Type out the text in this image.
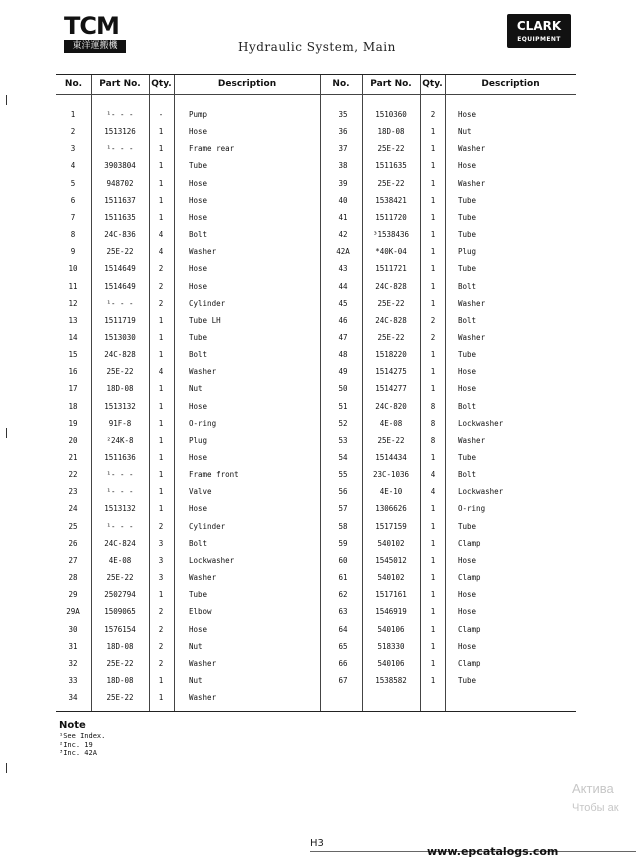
TCM
東洋運搬機	Hydraulic System, Main
CLARK
EQUIPMENT
No.	Part No.	Qty.	Description	No.	Part No.	Qty.	Description
1	¹- - -	-	Pump
2	1513126	1	Hose
3	¹- - -	1	Frame rear
4	3903804	1	Tube
5	948702	1	Hose
6	1511637	1	Hose
7	1511635	1	Hose
8	24C-836	4	Bolt
9	25E-22	4	Washer
10	1514649	2	Hose
11	1514649	2	Hose
12	¹- - -	2	Cylinder
13	1511719	1	Tube LH
14	1513030	1	Tube
15	24C-828	1	Bolt
16	25E-22	4	Washer
17	18D-08	1	Nut
18	1513132	1	Hose
19	91F-8	1	O-ring
20	²24K-8	1	Plug
21	1511636	1	Hose
22	¹- - -	1	Frame front
23	¹- - -	1	Valve
24	1513132	1	Hose
25	¹- - -	2	Cylinder
26	24C-824	3	Bolt
27	4E-08	3	Lockwasher
28	25E-22	3	Washer
29	2502794	1	Tube
29A	1509065	2	Elbow
30	1576154	2	Hose
31	18D-08	2	Nut
32	25E-22	2	Washer
33	18D-08	1	Nut
34	25E-22	1	Washer
35	1510360	2	Hose
36	18D-08	1	Nut
37	25E-22	1	Washer
38	1511635	1	Hose
39	25E-22	1	Washer
40	1538421	1	Tube
41	1511720	1	Tube
42	³1538436	1	Tube
42A	*40K-04	1	Plug
43	1511721	1	Tube
44	24C-828	1	Bolt
45	25E-22	1	Washer
46	24C-828	2	Bolt
47	25E-22	2	Washer
48	1518220	1	Tube
49	1514275	1	Hose
50	1514277	1	Hose
51	24C-820	8	Bolt
52	4E-08	8	Lockwasher
53	25E-22	8	Washer
54	1514434	1	Tube
55	23C-1036	4	Bolt
56	4E-10	4	Lockwasher
57	1306626	1	O-ring
58	1517159	1	Tube
59	540102	1	Clamp
60	1545012	1	Hose
61	540102	1	Clamp
62	1517161	1	Hose
63	1546919	1	Hose
64	540106	1	Clamp
65	518330	1	Hose
66	540106	1	Clamp
67	1538582	1	Tube
Note
¹See Index.
²Inc. 19
³Inc. 42A
Актива
Чтобы ак
H3
www.epcatalogs.com
